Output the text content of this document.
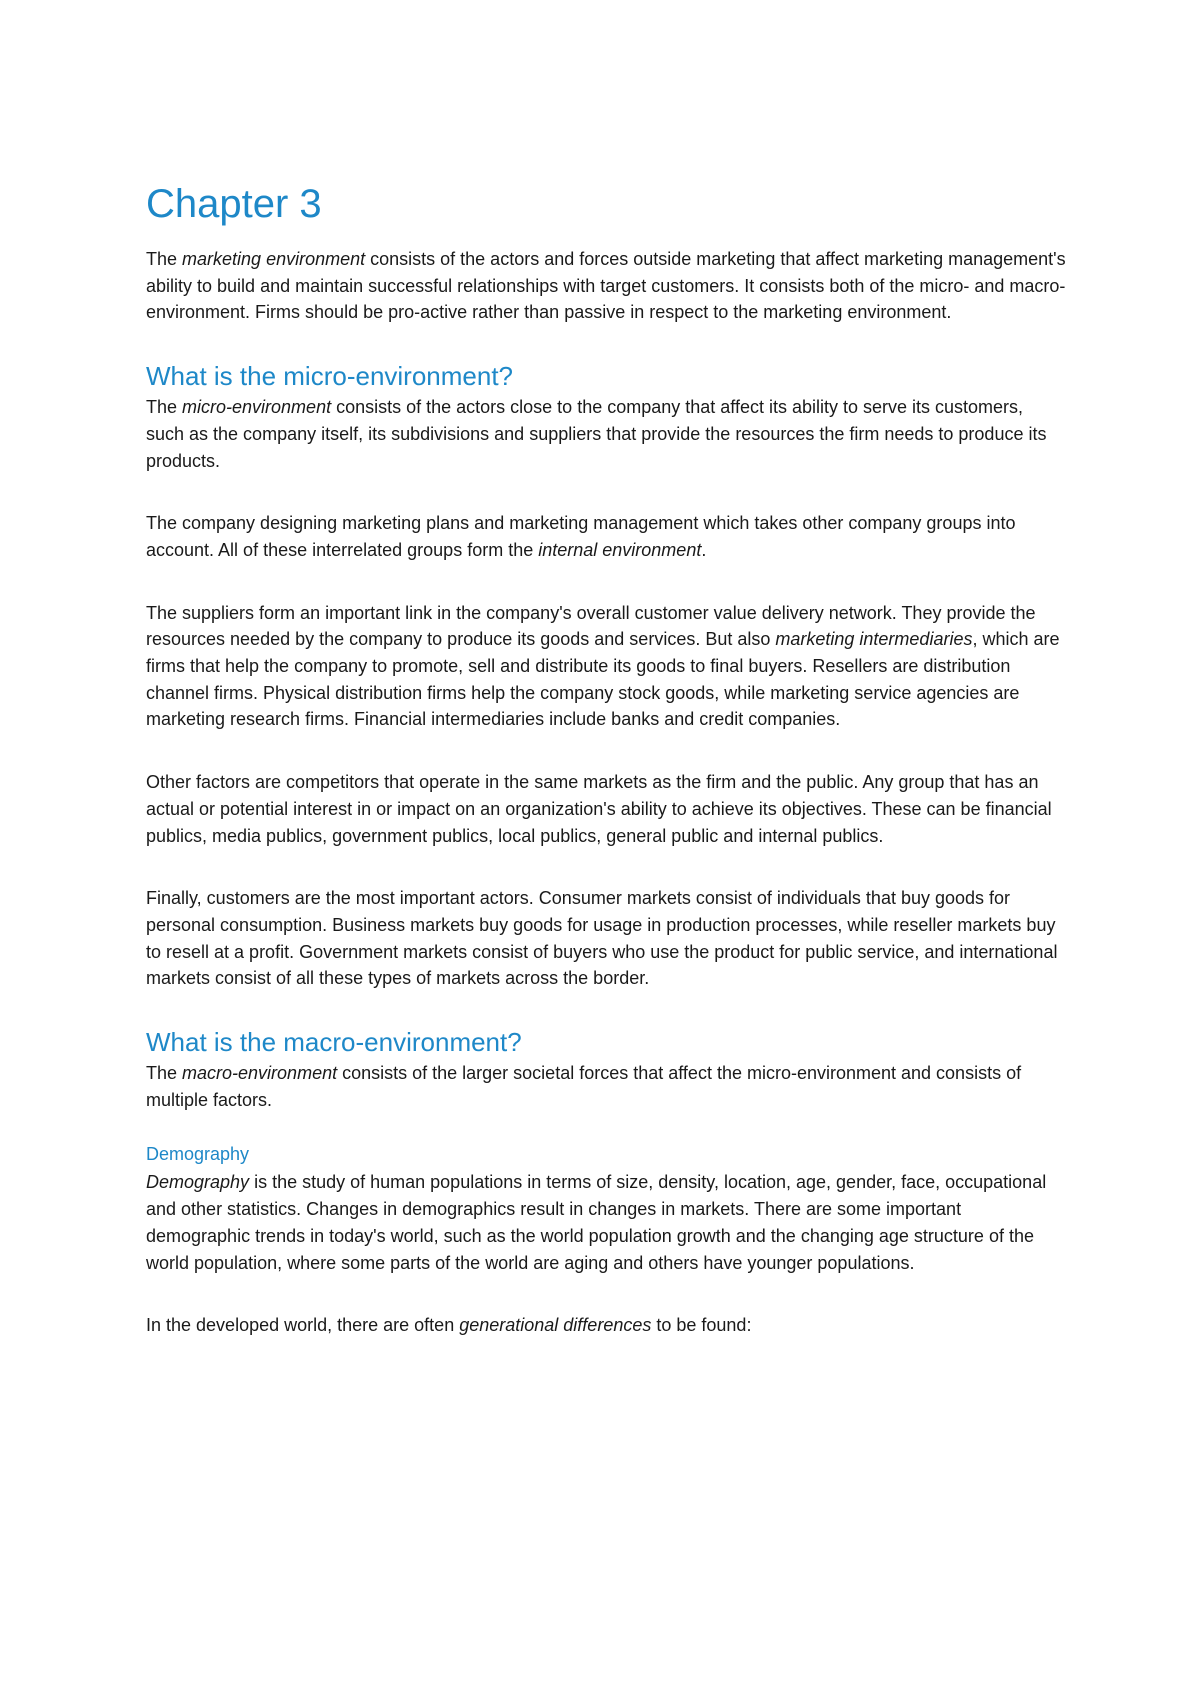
Chapter 3

The marketing environment consists of the actors and forces outside marketing that affect marketing management's ability to build and maintain successful relationships with target customers. It consists both of the micro- and macro-environment. Firms should be pro-active rather than passive in respect to the marketing environment.

What is the micro-environment?

The micro-environment consists of the actors close to the company that affect its ability to serve its customers, such as the company itself, its subdivisions and suppliers that provide the resources the firm needs to produce its products.

The company designing marketing plans and marketing management which takes other company groups into account. All of these interrelated groups form the internal environment.

The suppliers form an important link in the company's overall customer value delivery network. They provide the resources needed by the company to produce its goods and services. But also marketing intermediaries, which are firms that help the company to promote, sell and distribute its goods to final buyers. Resellers are distribution channel firms. Physical distribution firms help the company stock goods, while marketing service agencies are marketing research firms. Financial intermediaries include banks and credit companies.

Other factors are competitors that operate in the same markets as the firm and the public. Any group that has an actual or potential interest in or impact on an organization's ability to achieve its objectives. These can be financial publics, media publics, government publics, local publics, general public and internal publics.

Finally, customers are the most important actors. Consumer markets consist of individuals that buy goods for personal consumption. Business markets buy goods for usage in production processes, while reseller markets buy to resell at a profit. Government markets consist of buyers who use the product for public service, and international markets consist of all these types of markets across the border.

What is the macro-environment?

The macro-environment consists of the larger societal forces that affect the micro-environment and consists of multiple factors.

Demography

Demography is the study of human populations in terms of size, density, location, age, gender, face, occupational and other statistics. Changes in demographics result in changes in markets. There are some important demographic trends in today's world, such as the world population growth and the changing age structure of the world population, where some parts of the world are aging and others have younger populations.

In the developed world, there are often generational differences to be found:
